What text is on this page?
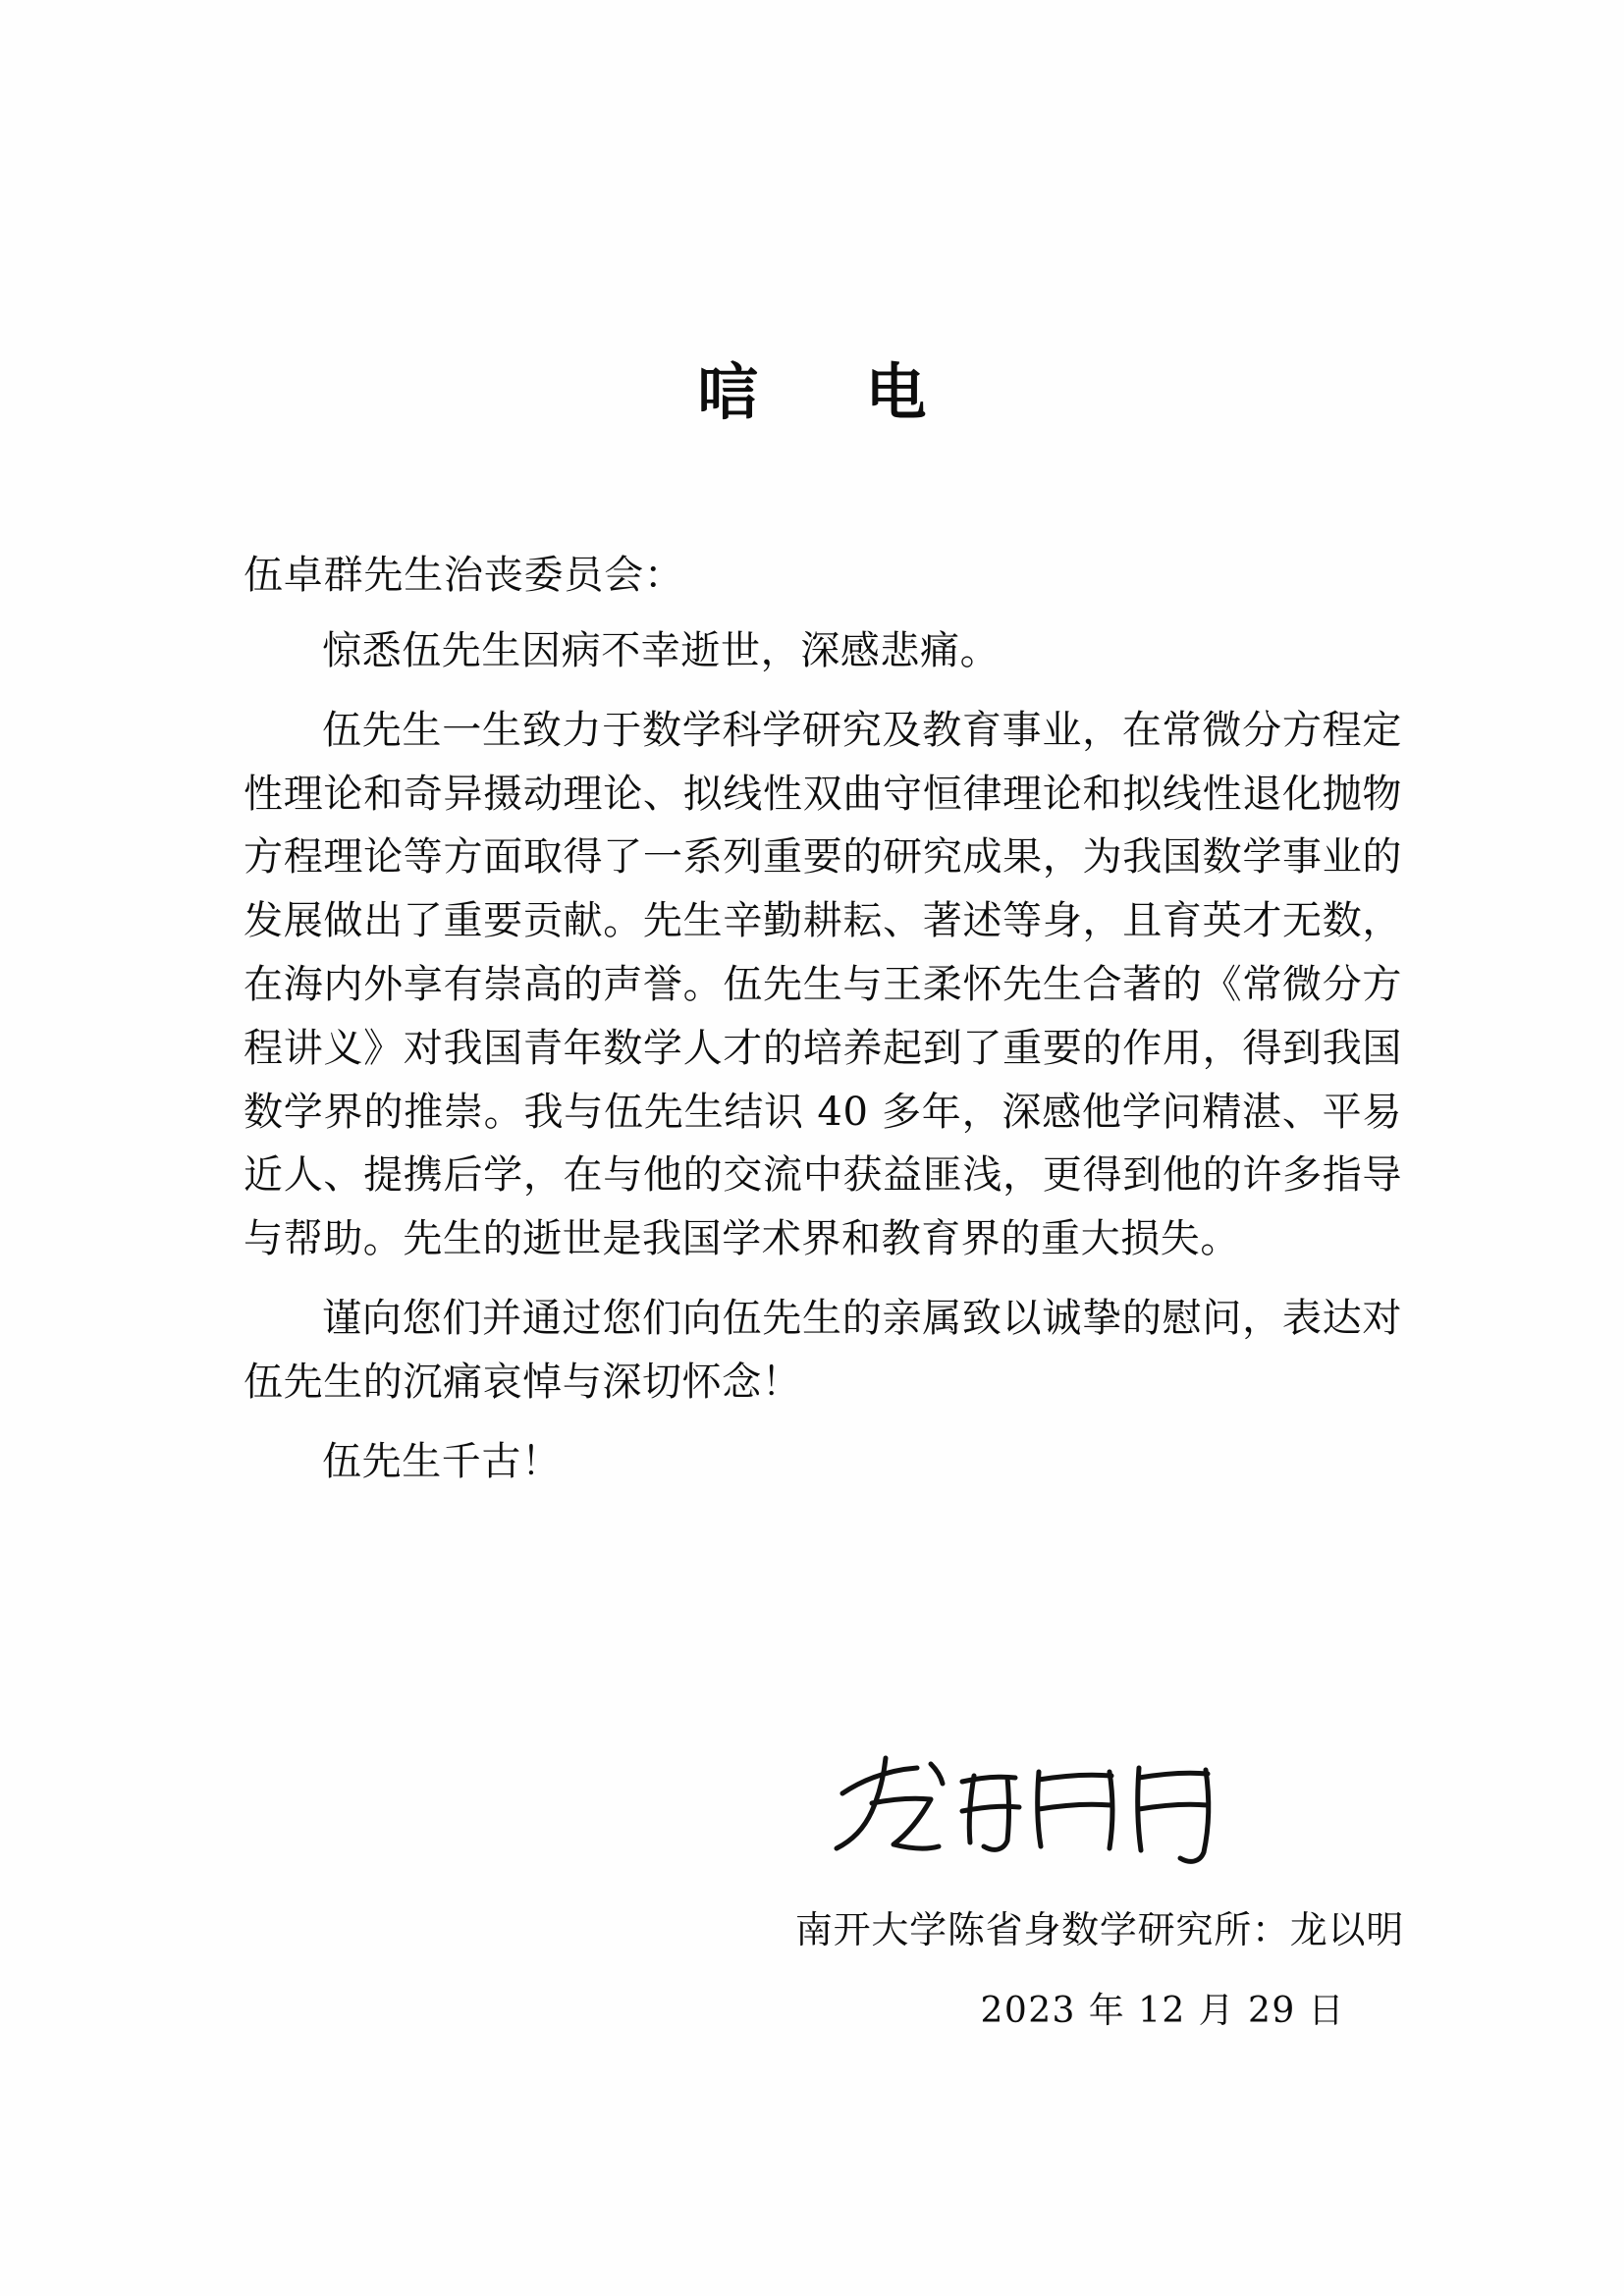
唁　电
伍卓群先生治丧委员会：

惊悉伍先生因病不幸逝世，深感悲痛。

伍先生一生致力于数学科学研究及教育事业，在常微分方程定性理论和奇异摄动理论、拟线性双曲守恒律理论和拟线性退化抛物方程理论等方面取得了一系列重要的研究成果，为我国数学事业的发展做出了重要贡献。先生辛勤耕耘、著述等身，且育英才无数，在海内外享有崇高的声誉。伍先生与王柔怀先生合著的《常微分方程讲义》对我国青年数学人才的培养起到了重要的作用，得到我国数学界的推崇。我与伍先生结识 40 多年，深感他学问精湛、平易近人、提携后学，在与他的交流中获益匪浅，更得到他的许多指导与帮助。先生的逝世是我国学术界和教育界的重大损失。

谨向您们并通过您们向伍先生的亲属致以诚挚的慰问，表达对伍先生的沉痛哀悼与深切怀念！

伍先生千古！

南开大学陈省身数学研究所：龙以明
2023 年 12 月 29 日
